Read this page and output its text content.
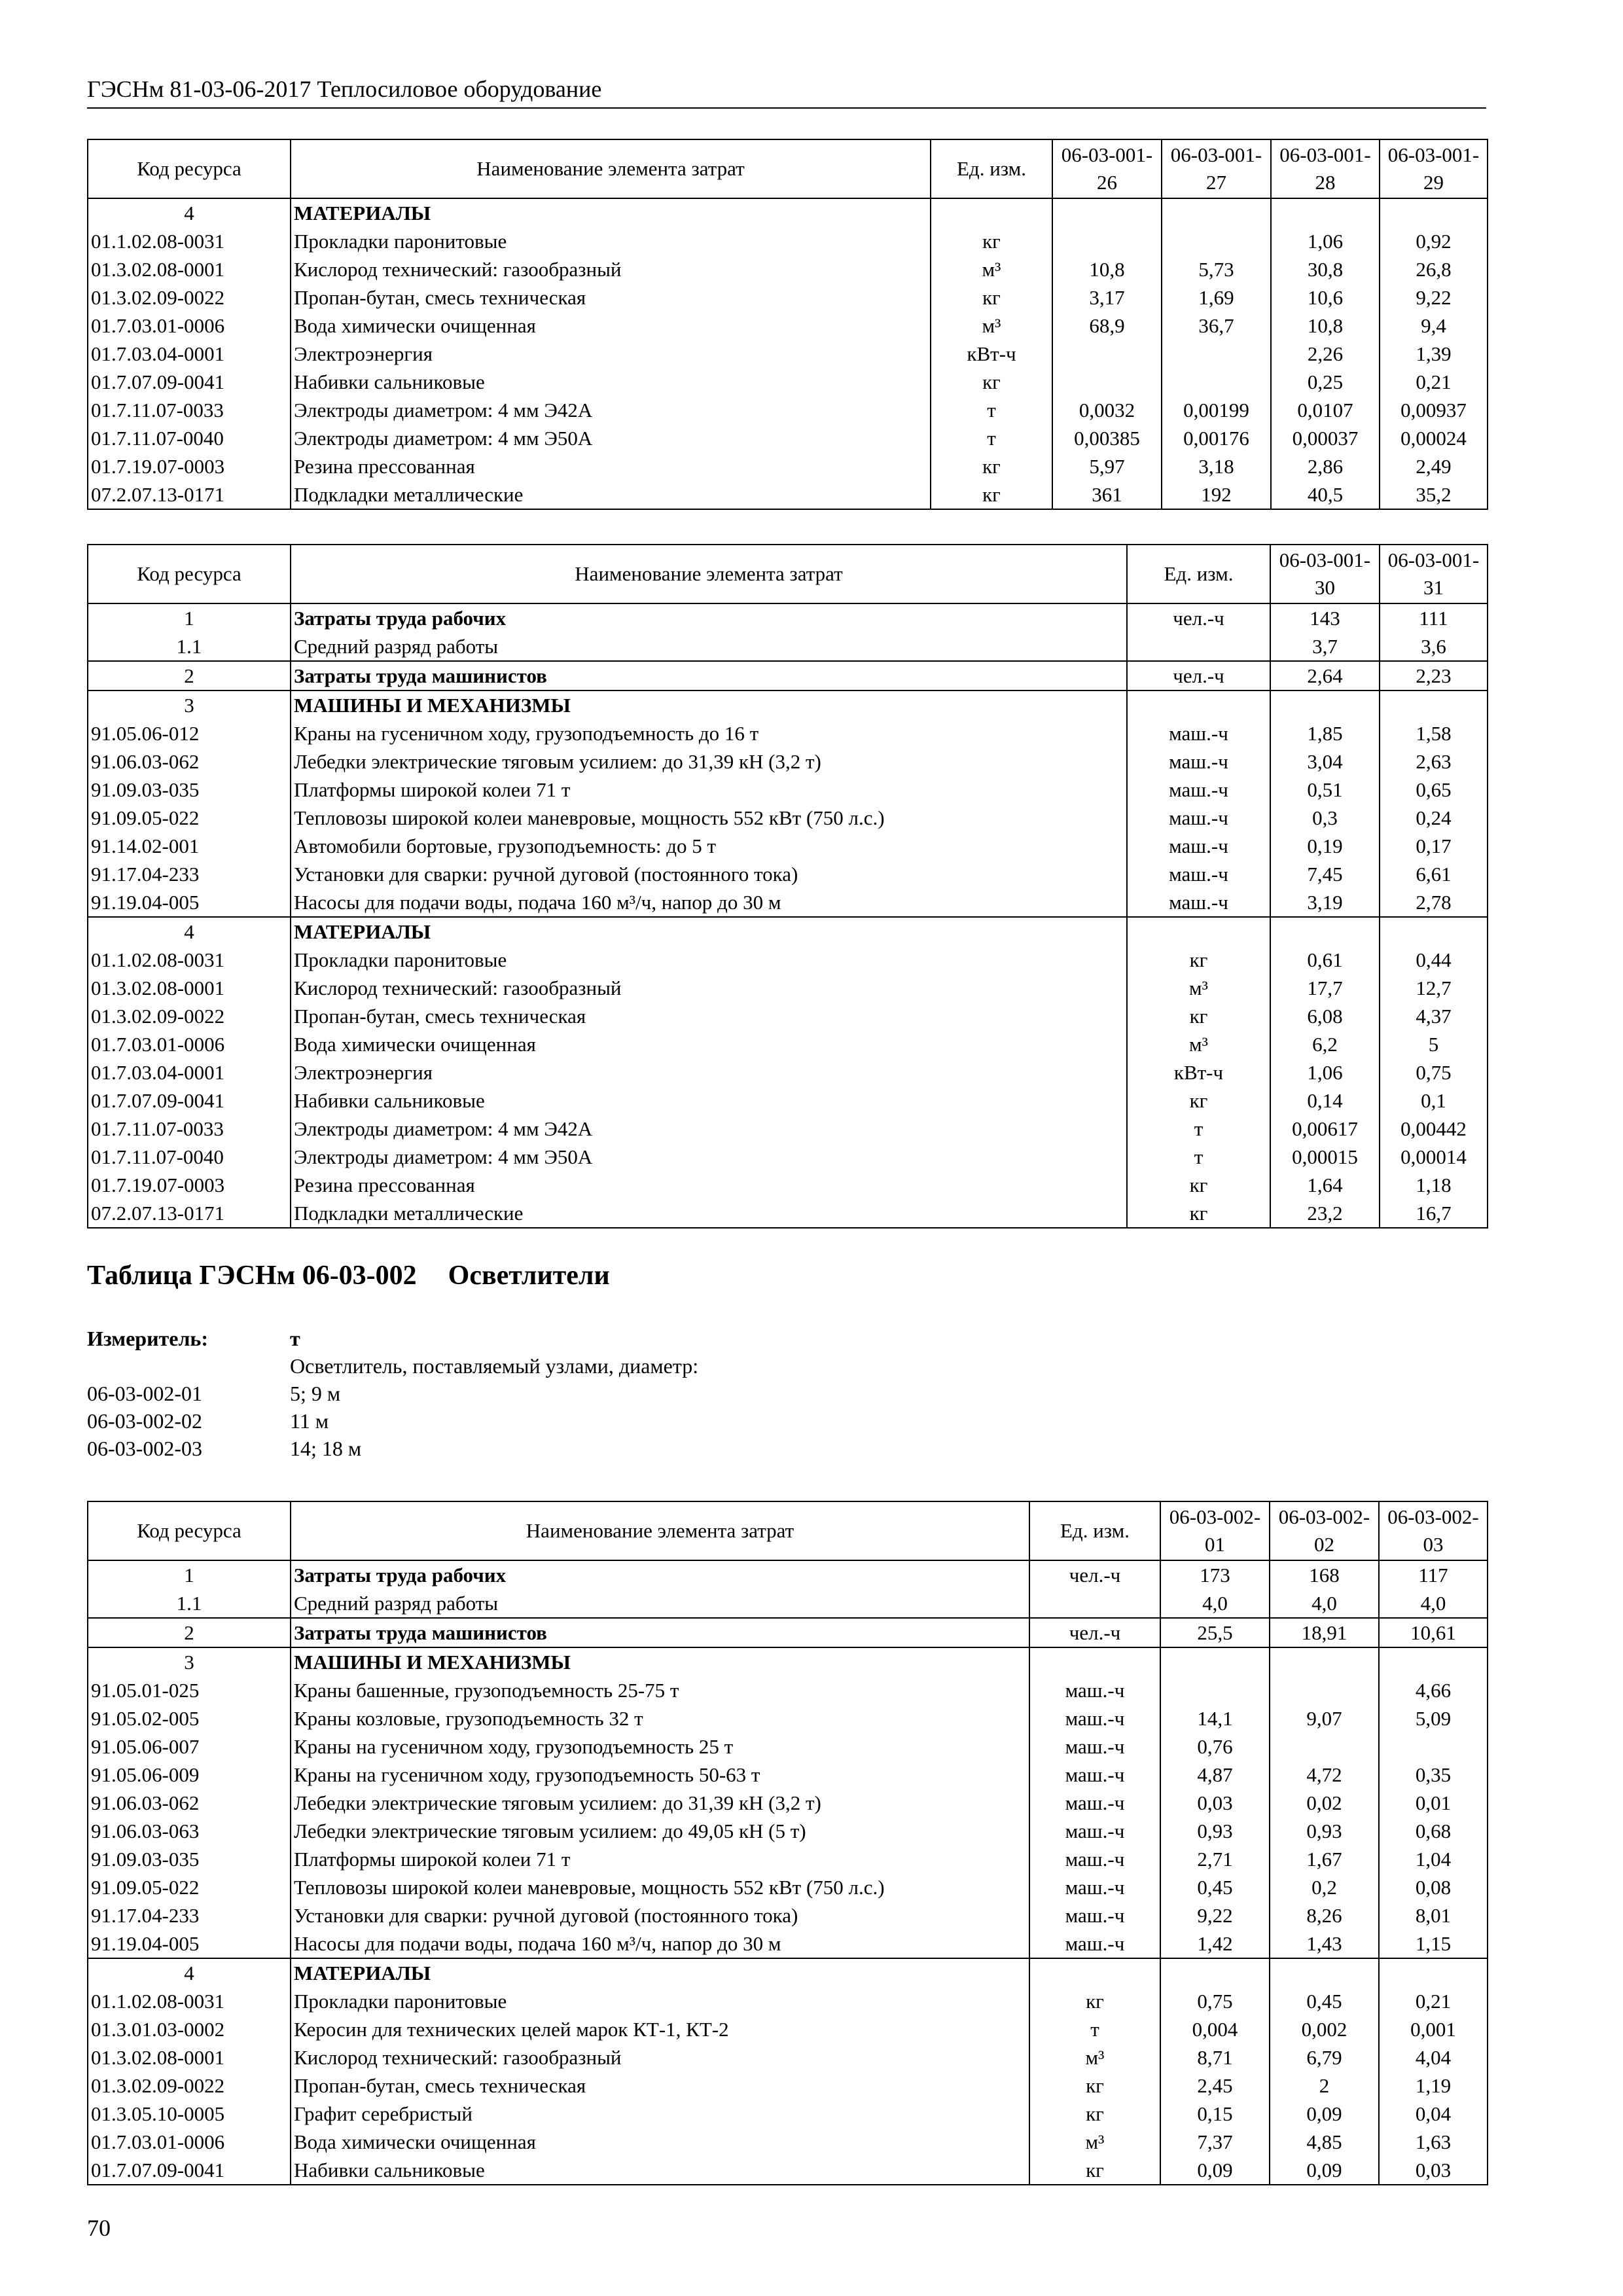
ГЭСНм 81-03-06-2017 Теплосиловое оборудование
Код ресурса	Наименование элемента затрат	Ед. изм.	06-03-001-26	06-03-001-27	06-03-001-28	06-03-001-29
4	МАТЕРИАЛЫ					
01.1.02.08-0031	Прокладки паронитовые	кг			1,06	0,92
01.3.02.08-0001	Кислород технический: газообразный	м³	10,8	5,73	30,8	26,8
01.3.02.09-0022	Пропан-бутан, смесь техническая	кг	3,17	1,69	10,6	9,22
01.7.03.01-0006	Вода химически очищенная	м³	68,9	36,7	10,8	9,4
01.7.03.04-0001	Электроэнергия	кВт-ч			2,26	1,39
01.7.07.09-0041	Набивки сальниковые	кг			0,25	0,21
01.7.11.07-0033	Электроды диаметром: 4 мм Э42А	т	0,0032	0,00199	0,0107	0,00937
01.7.11.07-0040	Электроды диаметром: 4 мм Э50А	т	0,00385	0,00176	0,00037	0,00024
01.7.19.07-0003	Резина прессованная	кг	5,97	3,18	2,86	2,49
07.2.07.13-0171	Подкладки металлические	кг	361	192	40,5	35,2
Код ресурса	Наименование элемента затрат	Ед. изм.	06-03-001-30	06-03-001-31
1	Затраты труда рабочих	чел.-ч	143	111
1.1	Средний разряд работы		3,7	3,6
2	Затраты труда машинистов	чел.-ч	2,64	2,23
3	МАШИНЫ И МЕХАНИЗМЫ			
91.05.06-012	Краны на гусеничном ходу, грузоподъемность до 16 т	маш.-ч	1,85	1,58
91.06.03-062	Лебедки электрические тяговым усилием: до 31,39 кН (3,2 т)	маш.-ч	3,04	2,63
91.09.03-035	Платформы широкой колеи 71 т	маш.-ч	0,51	0,65
91.09.05-022	Тепловозы широкой колеи маневровые, мощность 552 кВт (750 л.с.)	маш.-ч	0,3	0,24
91.14.02-001	Автомобили бортовые, грузоподъемность: до 5 т	маш.-ч	0,19	0,17
91.17.04-233	Установки для сварки: ручной дуговой (постоянного тока)	маш.-ч	7,45	6,61
91.19.04-005	Насосы для подачи воды, подача 160 м³/ч, напор до 30 м	маш.-ч	3,19	2,78
4	МАТЕРИАЛЫ			
01.1.02.08-0031	Прокладки паронитовые	кг	0,61	0,44
01.3.02.08-0001	Кислород технический: газообразный	м³	17,7	12,7
01.3.02.09-0022	Пропан-бутан, смесь техническая	кг	6,08	4,37
01.7.03.01-0006	Вода химически очищенная	м³	6,2	5
01.7.03.04-0001	Электроэнергия	кВт-ч	1,06	0,75
01.7.07.09-0041	Набивки сальниковые	кг	0,14	0,1
01.7.11.07-0033	Электроды диаметром: 4 мм Э42А	т	0,00617	0,00442
01.7.11.07-0040	Электроды диаметром: 4 мм Э50А	т	0,00015	0,00014
01.7.19.07-0003	Резина прессованная	кг	1,64	1,18
07.2.07.13-0171	Подкладки металлические	кг	23,2	16,7
Таблица ГЭСНм 06-03-002 Осветлители
Измеритель:	т
Осветлитель, поставляемый узлами, диаметр:
06-03-002-01	5; 9 м
06-03-002-02	11 м
06-03-002-03	14; 18 м
Код ресурса	Наименование элемента затрат	Ед. изм.	06-03-002-01	06-03-002-02	06-03-002-03
1	Затраты труда рабочих	чел.-ч	173	168	117
1.1	Средний разряд работы		4,0	4,0	4,0
2	Затраты труда машинистов	чел.-ч	25,5	18,91	10,61
3	МАШИНЫ И МЕХАНИЗМЫ				
91.05.01-025	Краны башенные, грузоподъемность 25-75 т	маш.-ч			4,66
91.05.02-005	Краны козловые, грузоподъемность 32 т	маш.-ч	14,1	9,07	5,09
91.05.06-007	Краны на гусеничном ходу, грузоподъемность 25 т	маш.-ч	0,76		
91.05.06-009	Краны на гусеничном ходу, грузоподъемность 50-63 т	маш.-ч	4,87	4,72	0,35
91.06.03-062	Лебедки электрические тяговым усилием: до 31,39 кН (3,2 т)	маш.-ч	0,03	0,02	0,01
91.06.03-063	Лебедки электрические тяговым усилием: до 49,05 кН (5 т)	маш.-ч	0,93	0,93	0,68
91.09.03-035	Платформы широкой колеи 71 т	маш.-ч	2,71	1,67	1,04
91.09.05-022	Тепловозы широкой колеи маневровые, мощность 552 кВт (750 л.с.)	маш.-ч	0,45	0,2	0,08
91.17.04-233	Установки для сварки: ручной дуговой (постоянного тока)	маш.-ч	9,22	8,26	8,01
91.19.04-005	Насосы для подачи воды, подача 160 м³/ч, напор до 30 м	маш.-ч	1,42	1,43	1,15
4	МАТЕРИАЛЫ				
01.1.02.08-0031	Прокладки паронитовые	кг	0,75	0,45	0,21
01.3.01.03-0002	Керосин для технических целей марок КТ-1, КТ-2	т	0,004	0,002	0,001
01.3.02.08-0001	Кислород технический: газообразный	м³	8,71	6,79	4,04
01.3.02.09-0022	Пропан-бутан, смесь техническая	кг	2,45	2	1,19
01.3.05.10-0005	Графит серебристый	кг	0,15	0,09	0,04
01.7.03.01-0006	Вода химически очищенная	м³	7,37	4,85	1,63
01.7.07.09-0041	Набивки сальниковые	кг	0,09	0,09	0,03
70
